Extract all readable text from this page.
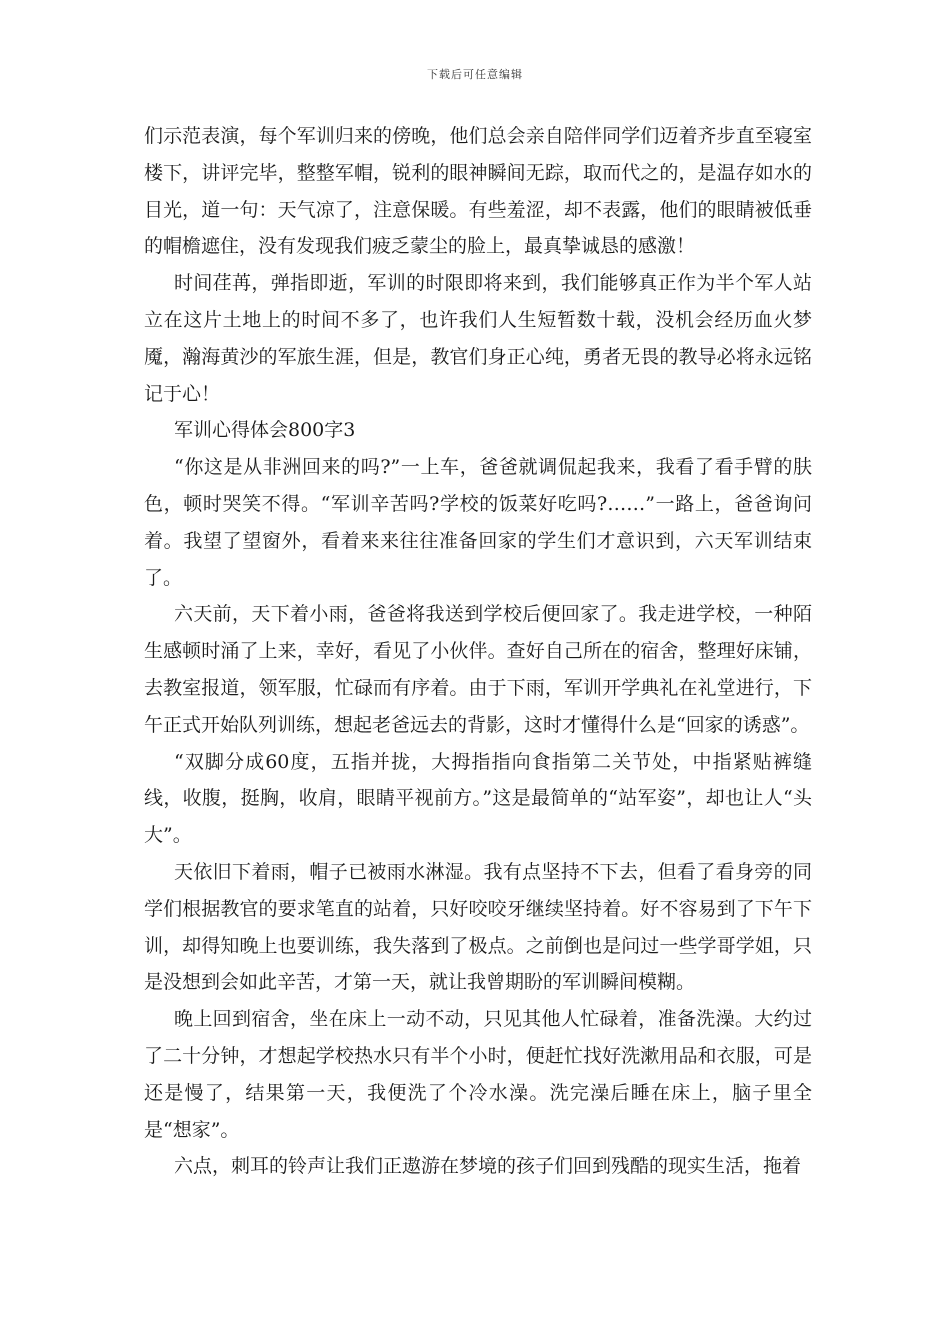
下载后可任意编辑

们示范表演，每个军训归来的傍晚，他们总会亲自陪伴同学们迈着齐步直至寝室楼下，讲评完毕，整整军帽，锐利的眼神瞬间无踪，取而代之的，是温存如水的目光，道一句：天气凉了，注意保暖。有些羞涩，却不表露，他们的眼睛被低垂的帽檐遮住，没有发现我们疲乏蒙尘的脸上，最真挚诚恳的感激！

时间荏苒，弹指即逝，军训的时限即将来到，我们能够真正作为半个军人站立在这片土地上的时间不多了，也许我们人生短暂数十载，没机会经历血火梦魇，瀚海黄沙的军旅生涯，但是，教官们身正心纯，勇者无畏的教导必将永远铭记于心！

军训心得体会800字3

“你这是从非洲回来的吗?”一上车，爸爸就调侃起我来，我看了看手臂的肤色，顿时哭笑不得。“军训辛苦吗?学校的饭菜好吃吗?……”一路上，爸爸询问着。我望了望窗外，看着来来往往准备回家的学生们才意识到，六天军训结束了。

六天前，天下着小雨，爸爸将我送到学校后便回家了。我走进学校，一种陌生感顿时涌了上来，幸好，看见了小伙伴。查好自己所在的宿舍，整理好床铺，去教室报道，领军服，忙碌而有序着。由于下雨，军训开学典礼在礼堂进行，下午正式开始队列训练，想起老爸远去的背影，这时才懂得什么是“回家的诱惑”。

“双脚分成60度，五指并拢，大拇指指向食指第二关节处，中指紧贴裤缝线，收腹，挺胸，收肩，眼睛平视前方。”这是最简单的“站军姿”，却也让人“头大”。

天依旧下着雨，帽子已被雨水淋湿。我有点坚持不下去，但看了看身旁的同学们根据教官的要求笔直的站着，只好咬咬牙继续坚持着。好不容易到了下午下训，却得知晚上也要训练，我失落到了极点。之前倒也是问过一些学哥学姐，只是没想到会如此辛苦，才第一天，就让我曾期盼的军训瞬间模糊。

晚上回到宿舍，坐在床上一动不动，只见其他人忙碌着，准备洗澡。大约过了二十分钟，才想起学校热水只有半个小时，便赶忙找好洗漱用品和衣服，可是还是慢了，结果第一天，我便洗了个冷水澡。洗完澡后睡在床上，脑子里全是“想家”。

六点，刺耳的铃声让我们正遨游在梦境的孩子们回到残酷的现实生活，拖着
